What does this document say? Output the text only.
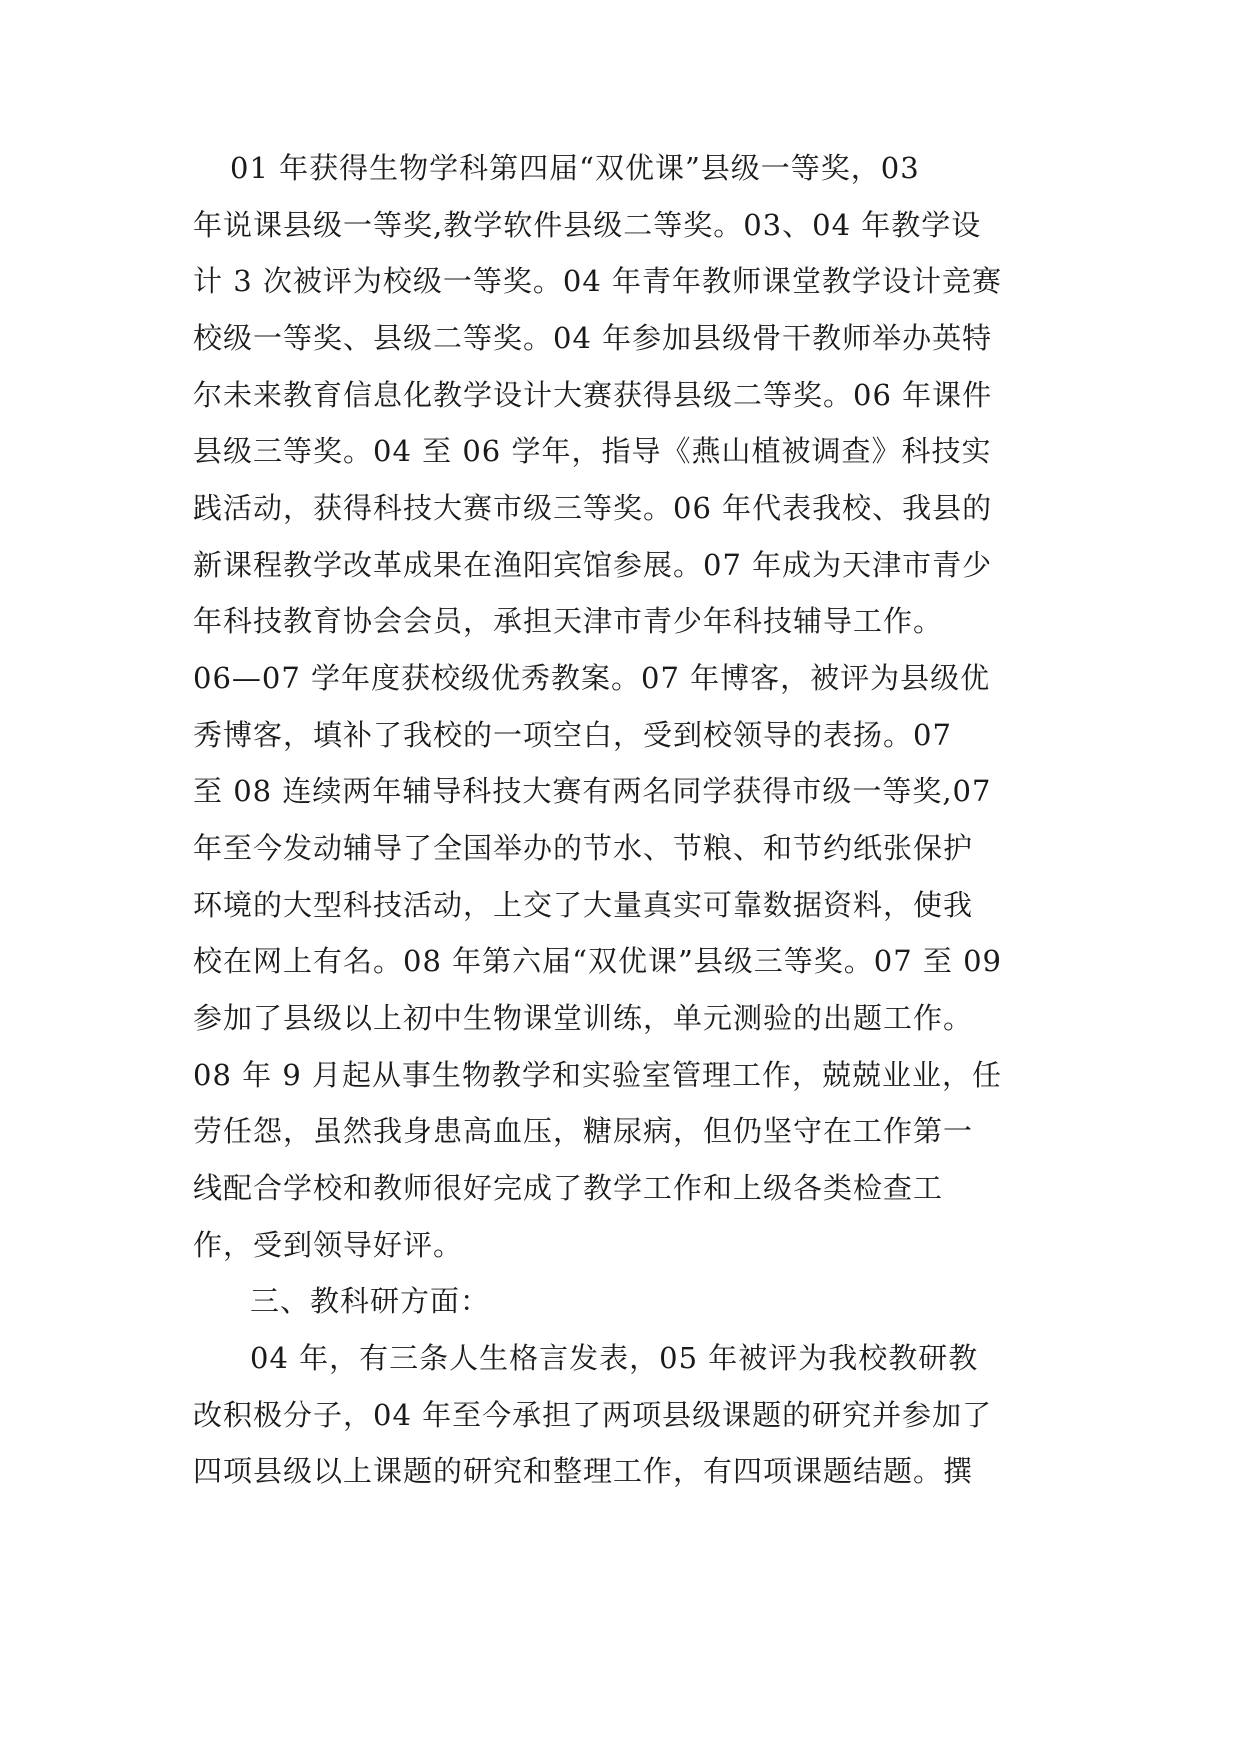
01 年获得生物学科第四届“双优课”县级一等奖，03
年说课县级一等奖,教学软件县级二等奖。03、04 年教学设
计 3 次被评为校级一等奖。04 年青年教师课堂教学设计竞赛
校级一等奖、县级二等奖。04 年参加县级骨干教师举办英特
尔未来教育信息化教学设计大赛获得县级二等奖。06 年课件
县级三等奖。04 至 06 学年，指导《燕山植被调查》科技实
践活动，获得科技大赛市级三等奖。06 年代表我校、我县的
新课程教学改革成果在渔阳宾馆参展。07 年成为天津市青少
年科技教育协会会员，承担天津市青少年科技辅导工作。
06—07 学年度获校级优秀教案。07 年博客，被评为县级优
秀博客，填补了我校的一项空白，受到校领导的表扬。07
至 08 连续两年辅导科技大赛有两名同学获得市级一等奖,07
年至今发动辅导了全国举办的节水、节粮、和节约纸张保护
环境的大型科技活动，上交了大量真实可靠数据资料，使我
校在网上有名。08 年第六届“双优课”县级三等奖。07 至 09
参加了县级以上初中生物课堂训练，单元测验的出题工作。
08 年 9 月起从事生物教学和实验室管理工作，兢兢业业，任
劳任怨，虽然我身患高血压，糖尿病，但仍坚守在工作第一
线配合学校和教师很好完成了教学工作和上级各类检查工
作，受到领导好评。
三、教科研方面：
04 年，有三条人生格言发表，05 年被评为我校教研教
改积极分子，04 年至今承担了两项县级课题的研究并参加了
四项县级以上课题的研究和整理工作，有四项课题结题。撰
